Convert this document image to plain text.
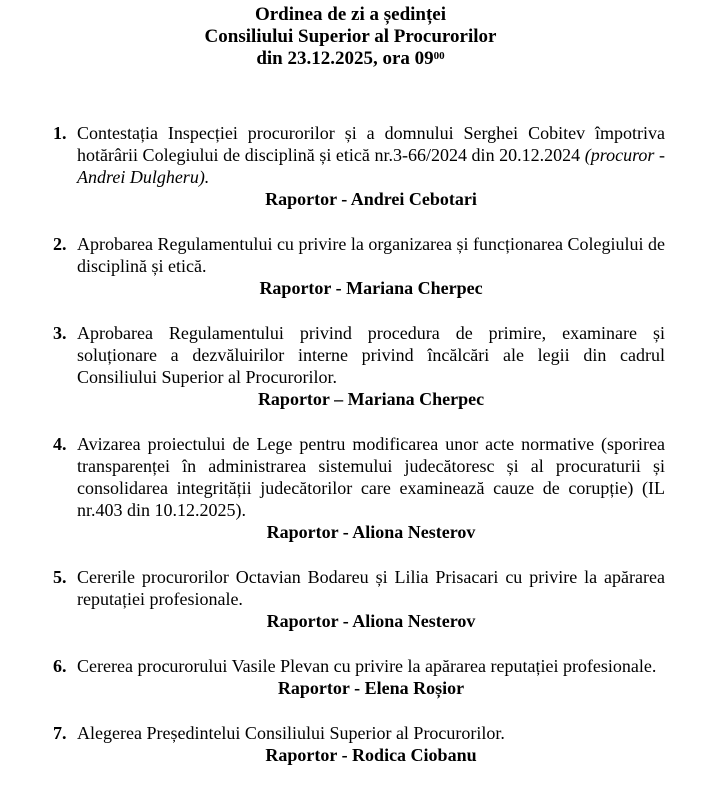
Ordinea de zi a ședinței
Consiliului Superior al Procurorilor
din 23.12.2025, ora $09^{00}$
1. Contestația Inspecției procurorilor și a domnului Serghei Cobitev împotriva hotărârii Colegiului de disciplină și etică nr.3-66/2024 din 20.12.2024 (procuror - Andrei Dulgheru).
Raportor - Andrei Cebotari
2. Aprobarea Regulamentului cu privire la organizarea și funcționarea Colegiului de disciplină și etică.
Raportor - Mariana Cherpec
3. Aprobarea Regulamentului privind procedura de primire, examinare și soluționare a dezvăluirilor interne privind încălcări ale legii din cadrul Consiliului Superior al Procurorilor.
Raportor – Mariana Cherpec
4. Avizarea proiectului de Lege pentru modificarea unor acte normative (sporirea transparenței în administrarea sistemului judecătoresc și al procuraturii și consolidarea integrității judecătorilor care examinează cauze de corupție) (IL nr.403 din 10.12.2025).
Raportor - Aliona Nesterov
5. Cererile procurorilor Octavian Bodareu și Lilia Prisacari cu privire la apărarea reputației profesionale.
Raportor - Aliona Nesterov
6. Cererea procurorului Vasile Plevan cu privire la apărarea reputației profesionale.
Raportor - Elena Roșior
7. Alegerea Președintelui Consiliului Superior al Procurorilor.
Raportor - Rodica Ciobanu
